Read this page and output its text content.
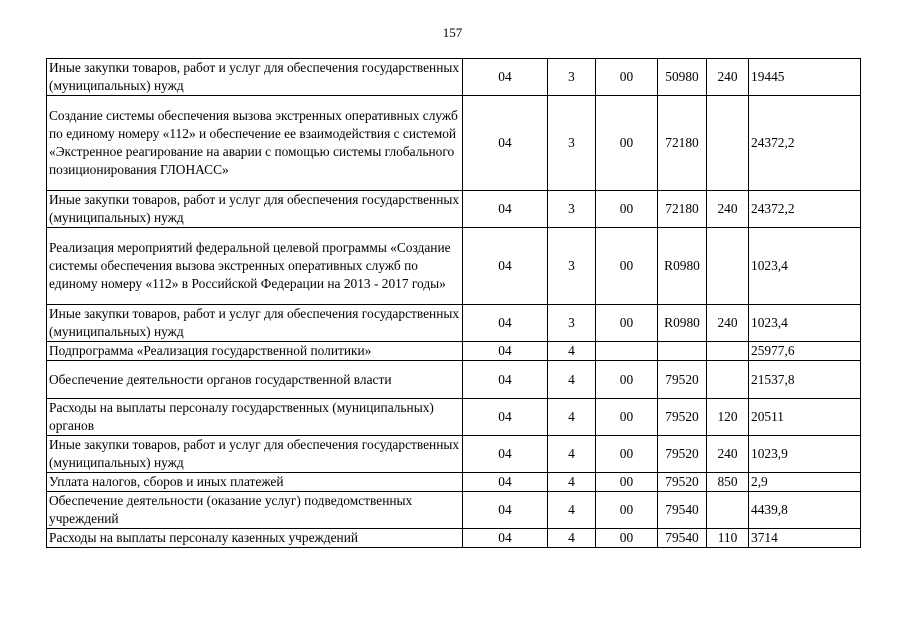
157
Иные закупки товаров, работ и услуг для обеспечения государственных (муниципальных) нужд	04	3	00	50980	240	19445
Создание системы обеспечения вызова экстренных оперативных служб по единому номеру «112» и обеспечение ее взаимодействия с системой «Экстренное реагирование на аварии с помощью системы глобального позиционирования ГЛОНАСС»	04	3	00	72180		24372,2
Иные закупки товаров, работ и услуг для обеспечения государственных (муниципальных) нужд	04	3	00	72180	240	24372,2
Реализация мероприятий федеральной целевой программы «Создание системы обеспечения вызова экстренных оперативных служб по единому номеру «112» в Российской Федерации на 2013 - 2017 годы»	04	3	00	R0980		1023,4
Иные закупки товаров, работ и услуг для обеспечения государственных (муниципальных) нужд	04	3	00	R0980	240	1023,4
Подпрограмма «Реализация государственной политики»	04	4				25977,6
Обеспечение деятельности органов государственной власти	04	4	00	79520		21537,8
Расходы на выплаты персоналу государственных (муниципальных) органов	04	4	00	79520	120	20511
Иные закупки товаров, работ и услуг для обеспечения государственных (муниципальных) нужд	04	4	00	79520	240	1023,9
Уплата налогов, сборов и иных платежей	04	4	00	79520	850	2,9
Обеспечение деятельности (оказание услуг) подведомственных учреждений	04	4	00	79540		4439,8
Расходы на выплаты персоналу казенных учреждений	04	4	00	79540	110	3714
